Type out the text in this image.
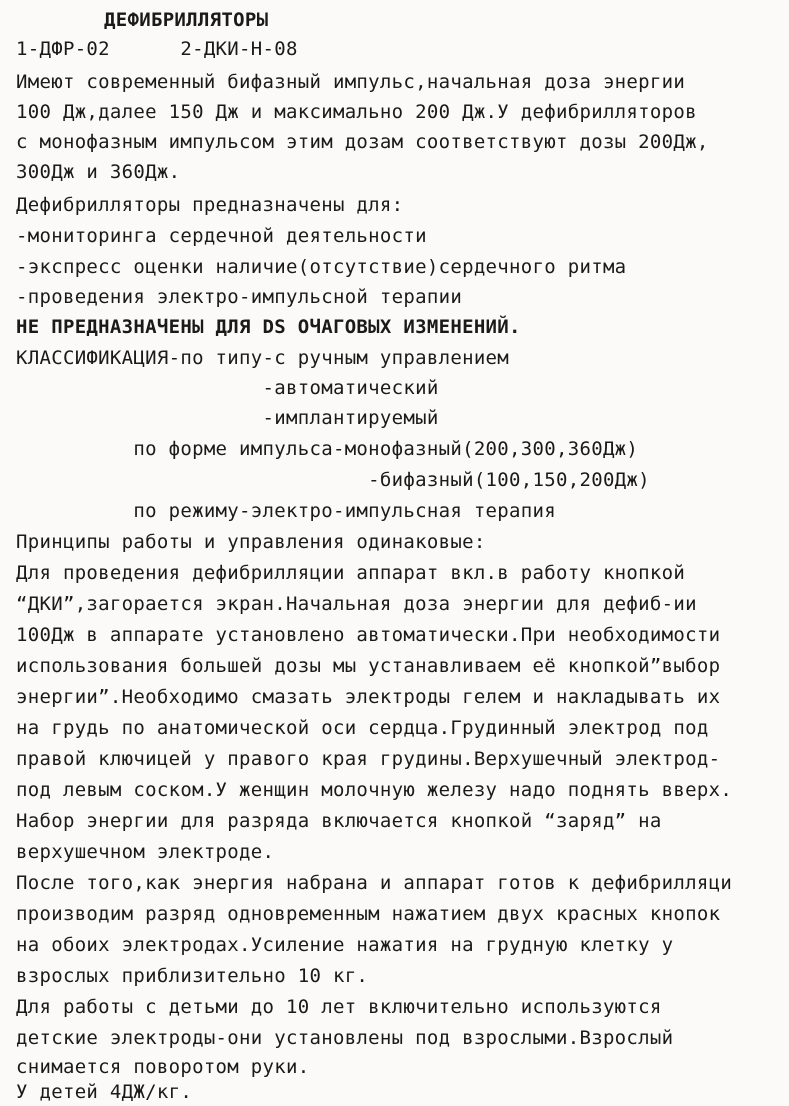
ДЕФИБРИЛЛЯТОРЫ
1-ДФР-02      2-ДКИ-Н-08
Имеют современный бифазный импульс,начальная доза энергии
100 Дж,далее 150 Дж и максимально 200 Дж.У дефибрилляторов
с монофазным импульсом этим дозам соответствуют дозы 200Дж,
300Дж и 360Дж.
Дефибрилляторы предназначены для:
-мониторинга сердечной деятельности
-экспресс оценки наличие(отсутствие)сердечного ритма
-проведения электро-импульсной терапии
НЕ ПРЕДНАЗНАЧЕНЫ ДЛЯ DS ОЧАГОВЫХ ИЗМЕНЕНИЙ.
КЛАССИФИКАЦИЯ-по типу-с ручным управлением
-автоматический
-имплантируемый
по форме импульса-монофазный(200,300,360Дж)
-бифазный(100,150,200Дж)
по режиму-электро-импульсная терапия
Принципы работы и управления одинаковые:
Для проведения дефибрилляции аппарат вкл.в работу кнопкой
“ДКИ”,загорается экран.Начальная доза энергии для дефиб-ии
100Дж в аппарате установлено автоматически.При необходимости
использования большей дозы мы устанавливаем её кнопкой”выбор
энергии”.Необходимо смазать электроды гелем и накладывать их
на грудь по анатомической оси сердца.Грудинный электрод под
правой ключицей у правого края грудины.Верхушечный электрод-
под левым соском.У женщин молочную железу надо поднять вверх.
Набор энергии для разряда включается кнопкой “заряд” на
верхушечном электроде.
После того,как энергия набрана и аппарат готов к дефибрилляци
производим разряд одновременным нажатием двух красных кнопок
на обоих электродах.Усиление нажатия на грудную клетку у
взрослых приблизительно 10 кг.
Для работы с детьми до 10 лет включительно используются
детские электроды-они установлены под взрослыми.Взрослый
снимается поворотом руки.
У детей 4ДЖ/кг.
